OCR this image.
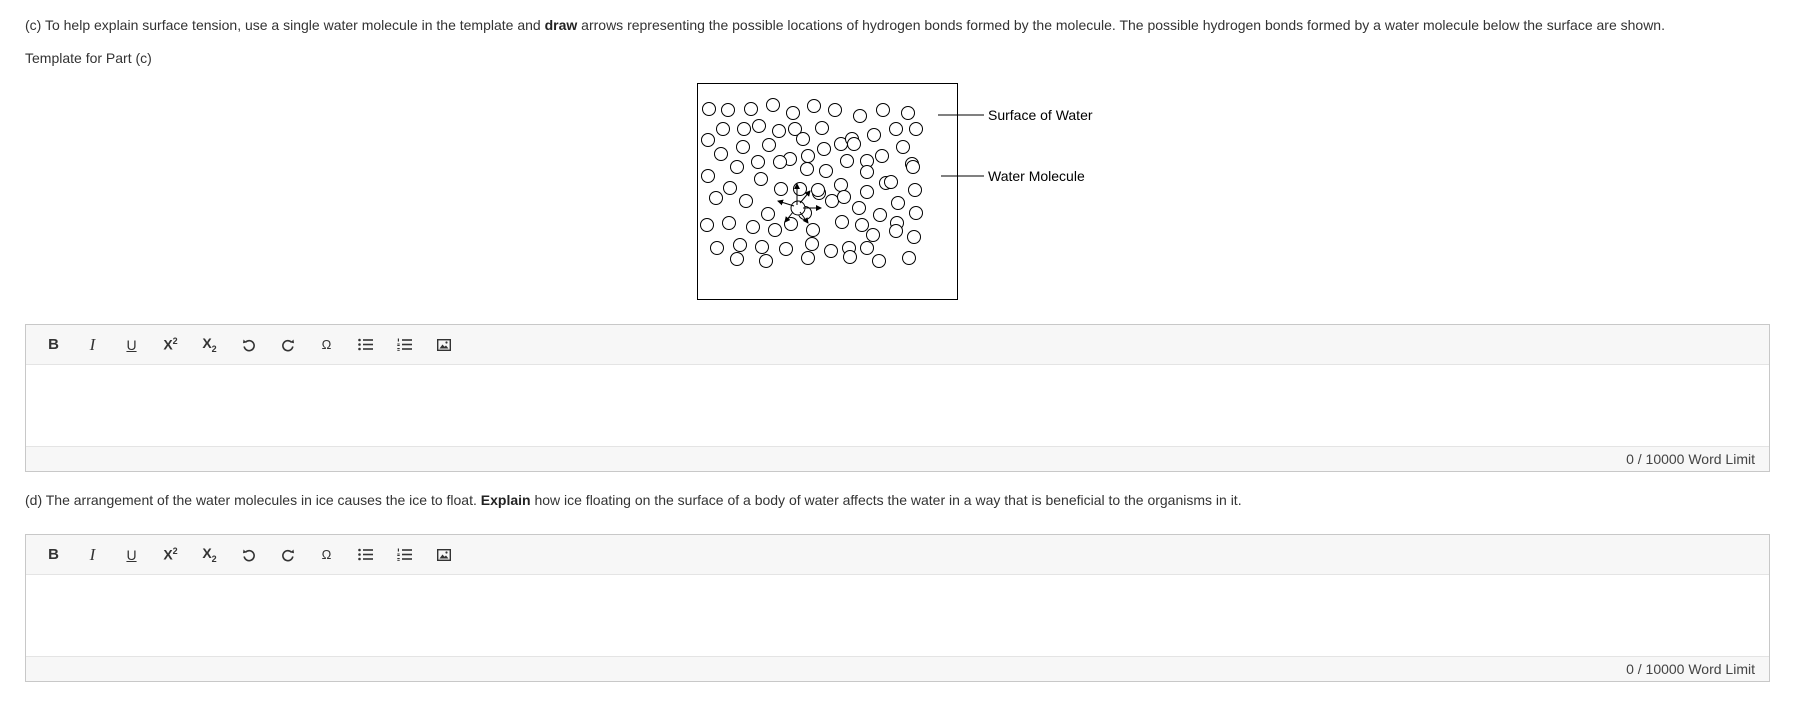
(c) To help explain surface tension, use a single water molecule in the template and draw arrows representing the possible locations of hydrogen bonds formed by the molecule. The possible hydrogen bonds formed by a water molecule below the surface are shown.
Template for Part (c)
Surface of Water
Water Molecule
B I U $X^2$ $X_2$	Ω
0
/ 10000 Word Limit
(d) The arrangement of the water molecules in ice causes the ice to float. Explain how ice floating on the surface of a body of water affects the water in a way that is beneficial to the organisms in it.
B I U $X^2$ $X_2$	Ω
0
/ 10000 Word Limit
